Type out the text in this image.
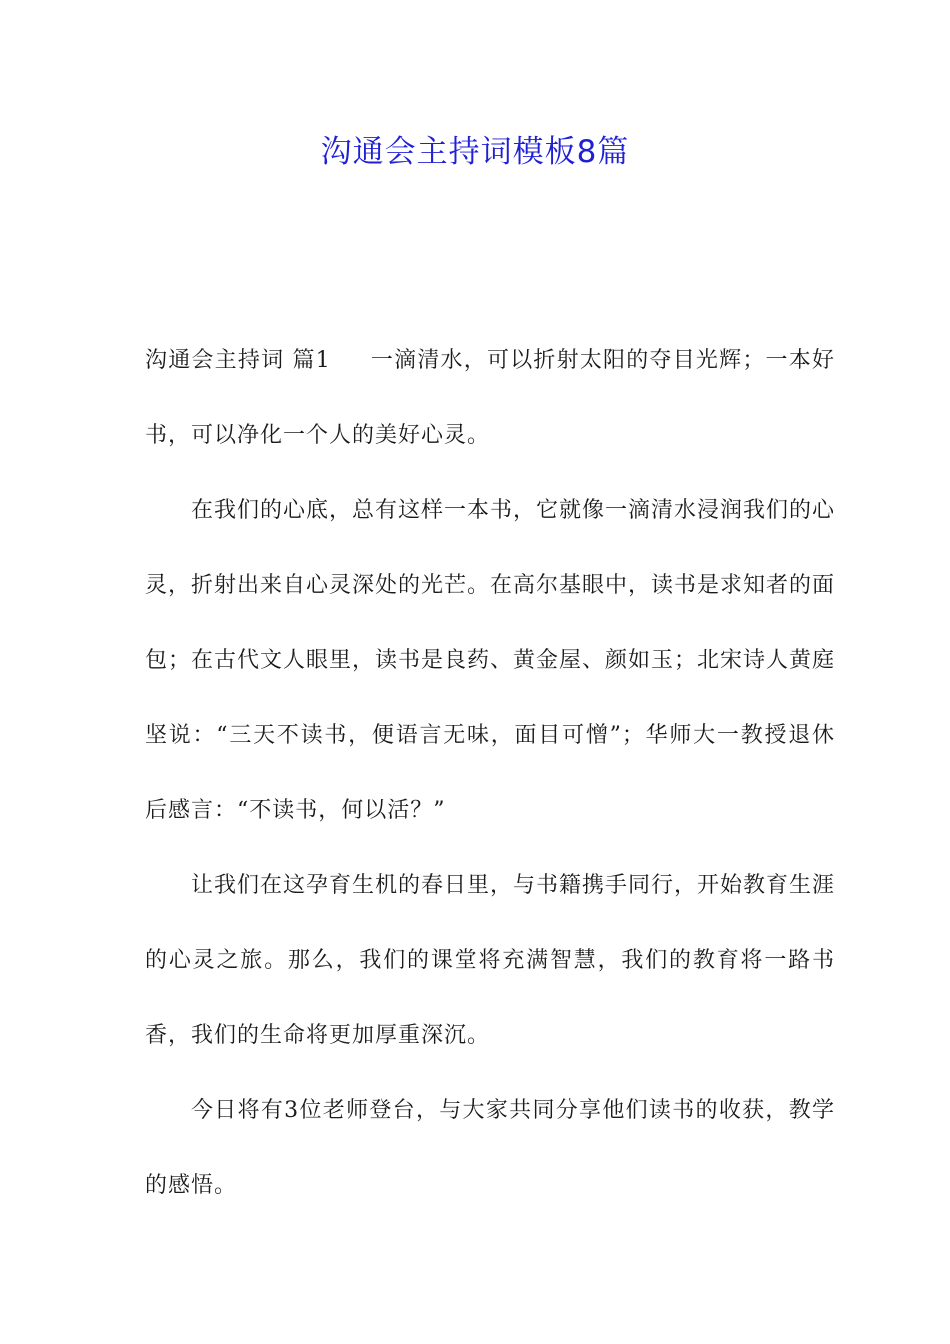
沟通会主持词模板8篇

沟通会主持词 篇1 一滴清水，可以折射太阳的夺目光辉；一本好书，可以净化一个人的美好心灵。

在我们的心底，总有这样一本书，它就像一滴清水浸润我们的心灵，折射出来自心灵深处的光芒。在高尔基眼中，读书是求知者的面包；在古代文人眼里，读书是良药、黄金屋、颜如玉；北宋诗人黄庭坚说：“三天不读书，便语言无味，面目可憎”；华师大一教授退休后感言：“不读书，何以活？”

让我们在这孕育生机的春日里，与书籍携手同行，开始教育生涯的心灵之旅。那么，我们的课堂将充满智慧，我们的教育将一路书香，我们的生命将更加厚重深沉。

今日将有3位老师登台，与大家共同分享他们读书的收获，教学的感悟。
